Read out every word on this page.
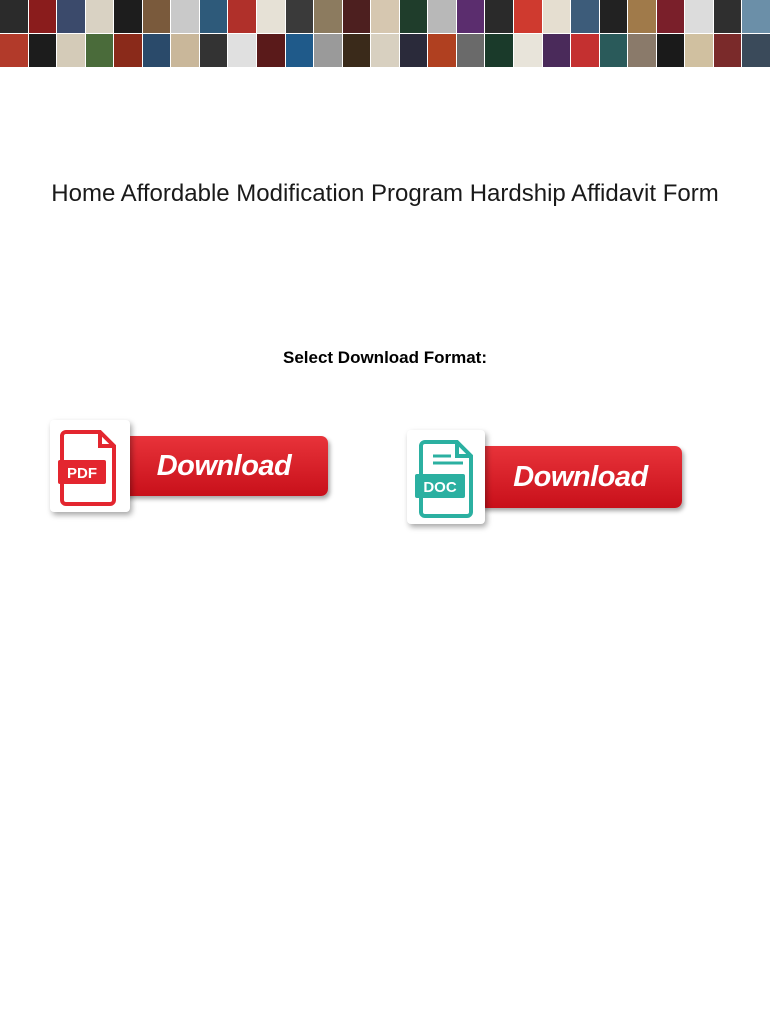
Home Affordable Modification Program Hardship Affidavit Form
Select Download Format:
Download
PDF	Download
DOC
